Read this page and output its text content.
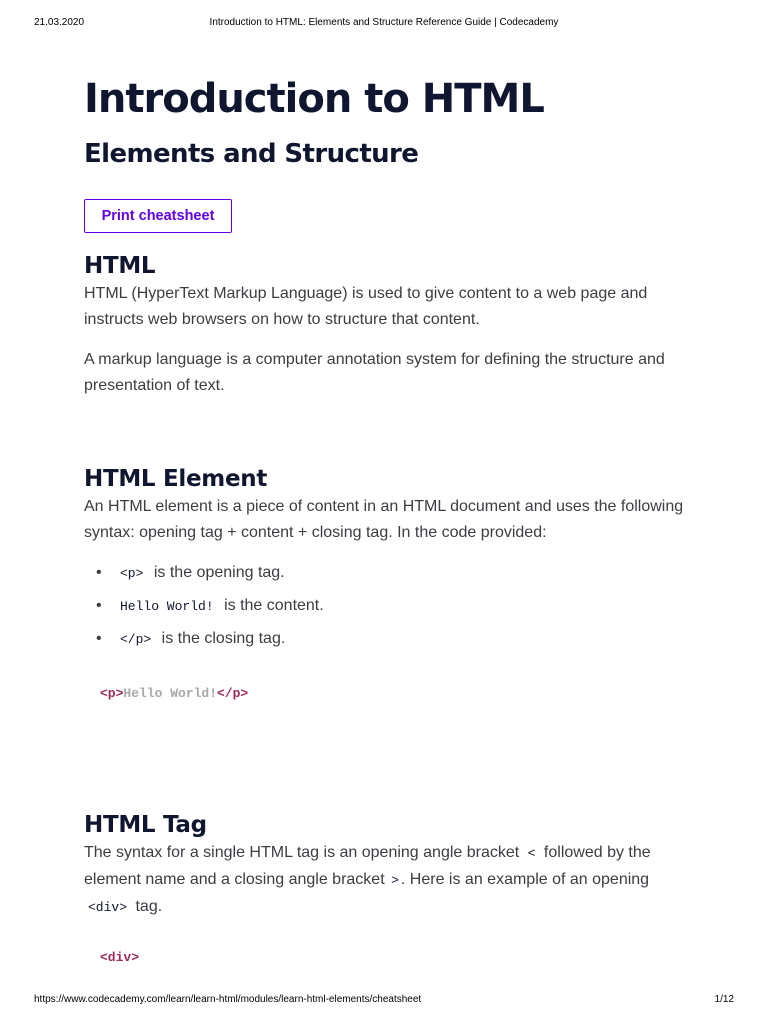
21.03.2020	Introduction to HTML: Elements and Structure Reference Guide | Codecademy
Introduction to HTML
Elements and Structure
Print cheatsheet
HTML

HTML (HyperText Markup Language) is used to give content to a web page and instructs web browsers on how to structure that content.

A markup language is a computer annotation system for defining the structure and presentation of text.

HTML Element

An HTML element is a piece of content in an HTML document and uses the following syntax: opening tag + content + closing tag. In the code provided:

• <p> is the opening tag.
• Hello World! is the content.
• </p> is the closing tag.
<p>Hello World!</p>
HTML Tag

The syntax for a single HTML tag is an opening angle bracket < followed by the element name and a closing angle bracket > . Here is an example of an opening <div> tag.

<div>
https://www.codecademy.com/learn/learn-html/modules/learn-html-elements/cheatsheet	1/12
